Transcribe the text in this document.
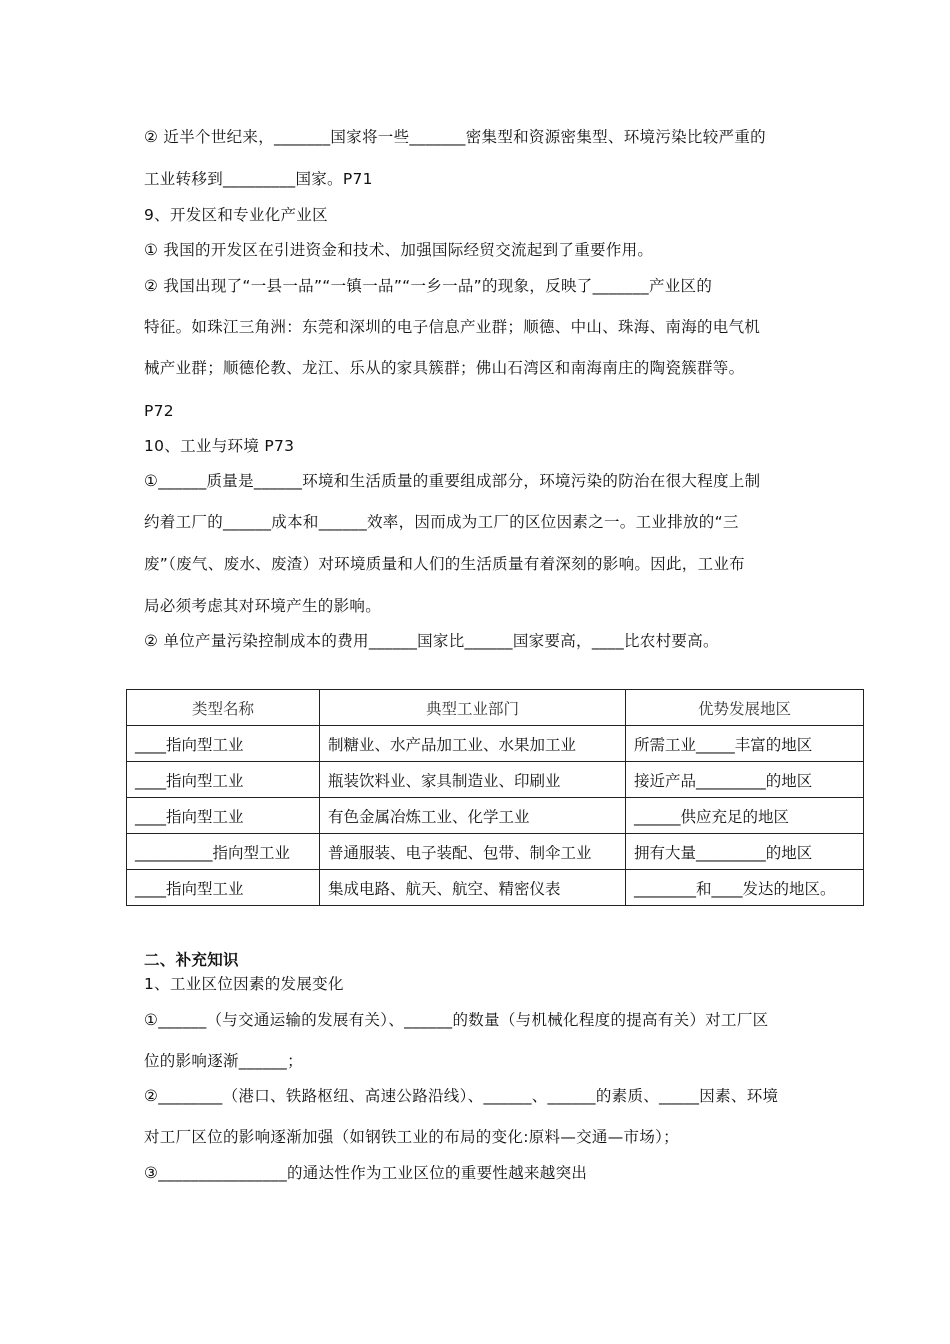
② 近半个世纪来，_______国家将一些_______密集型和资源密集型、环境污染比较严重的
工业转移到_________国家。P71
9、开发区和专业化产业区
① 我国的开发区在引进资金和技术、加强国际经贸交流起到了重要作用。
② 我国出现了“一县一品”“一镇一品”“一乡一品”的现象，反映了_______产业区的
特征。如珠江三角洲：东莞和深圳的电子信息产业群；顺德、中山、珠海、南海的电气机
械产业群；顺德伦教、龙江、乐从的家具簇群；佛山石湾区和南海南庄的陶瓷簇群等。
P72
10、工业与环境 P73
①______质量是______环境和生活质量的重要组成部分，环境污染的防治在很大程度上制
约着工厂的______成本和______效率，因而成为工厂的区位因素之一。工业排放的“三
废”（废气、废水、废渣）对环境质量和人们的生活质量有着深刻的影响。因此，工业布
局必须考虑其对环境产生的影响。
② 单位产量污染控制成本的费用______国家比______国家要高，____比农村要高。
类型名称	典型工业部门	优势发展地区
____指向型工业	制糖业、水产品加工业、水果加工业	所需工业_____丰富的地区
____指向型工业	瓶装饮料业、家具制造业、印刷业	接近产品_________的地区
____指向型工业	有色金属冶炼工业、化学工业	______供应充足的地区
__________指向型工业	普通服装、电子装配、包带、制伞工业	拥有大量_________的地区
____指向型工业	集成电路、航天、航空、精密仪表	________和____发达的地区。
二、补充知识
1、工业区位因素的发展变化
①______（与交通运输的发展有关）、______的数量（与机械化程度的提高有关）对工厂区
位的影响逐渐______；
②________（港口、铁路枢纽、高速公路沿线）、______、______的素质、_____因素、环境
对工厂区位的影响逐渐加强（如钢铁工业的布局的变化:原料—交通—市场）；
③________________的通达性作为工业区位的重要性越来越突出
